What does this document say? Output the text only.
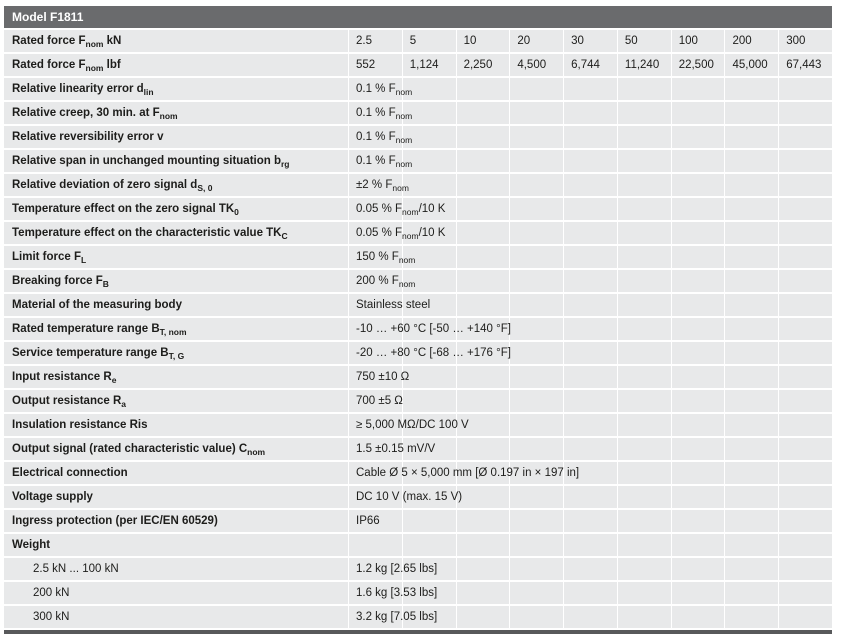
Model F1811
Rated force $F_{nom}$ kN	2.5	5	10	20	30	50	100	200	300
Rated force $F_{nom}$ lbf	552	1,124	2,250	4,500	6,744	11,240	22,500	45,000	67,443
Relative linearity error $d_{lin}$	0.1 % $F_{nom}$
Relative creep, 30 min. at $F_{nom}$	0.1 % $F_{nom}$
Relative reversibility error v	0.1 % $F_{nom}$
Relative span in unchanged mounting situation $b_{rg}$	0.1 % $F_{nom}$
Relative deviation of zero signal $d_{S, 0}$	±2 % $F_{nom}$
Temperature effect on the zero signal $TK_0$	0.05 % $F_{nom}/10$ K
Temperature effect on the characteristic value $TK_C$	0.05 % $F_{nom}/10$ K
Limit force $F_L$	150 % $F_{nom}$
Breaking force $F_B$	200 % $F_{nom}$
Material of the measuring body	Stainless steel
Rated temperature range $B_{T, nom}$	-10 … +60 °C [-50 … +140 °F]
Service temperature range $B_{T, G}$	-20 … +80 °C [-68 … +176 °F]
Input resistance $R_e$	750 ±10 Ω
Output resistance $R_a$	700 ±5 Ω
Insulation resistance Ris	≥ 5,000 MΩ/DC 100 V
Output signal (rated characteristic value) $C_{nom}$	1.5 ±0.15 mV/V
Electrical connection	Cable Ø 5 × 5,000 mm [Ø 0.197 in × 197 in]
Voltage supply	DC 10 V (max. 15 V)
Ingress protection (per IEC/EN 60529)	IP66
Weight
2.5 kN ... 100 kN	1.2 kg [2.65 lbs]
200 kN	1.6 kg [3.53 lbs]
300 kN	3.2 kg [7.05 lbs]
